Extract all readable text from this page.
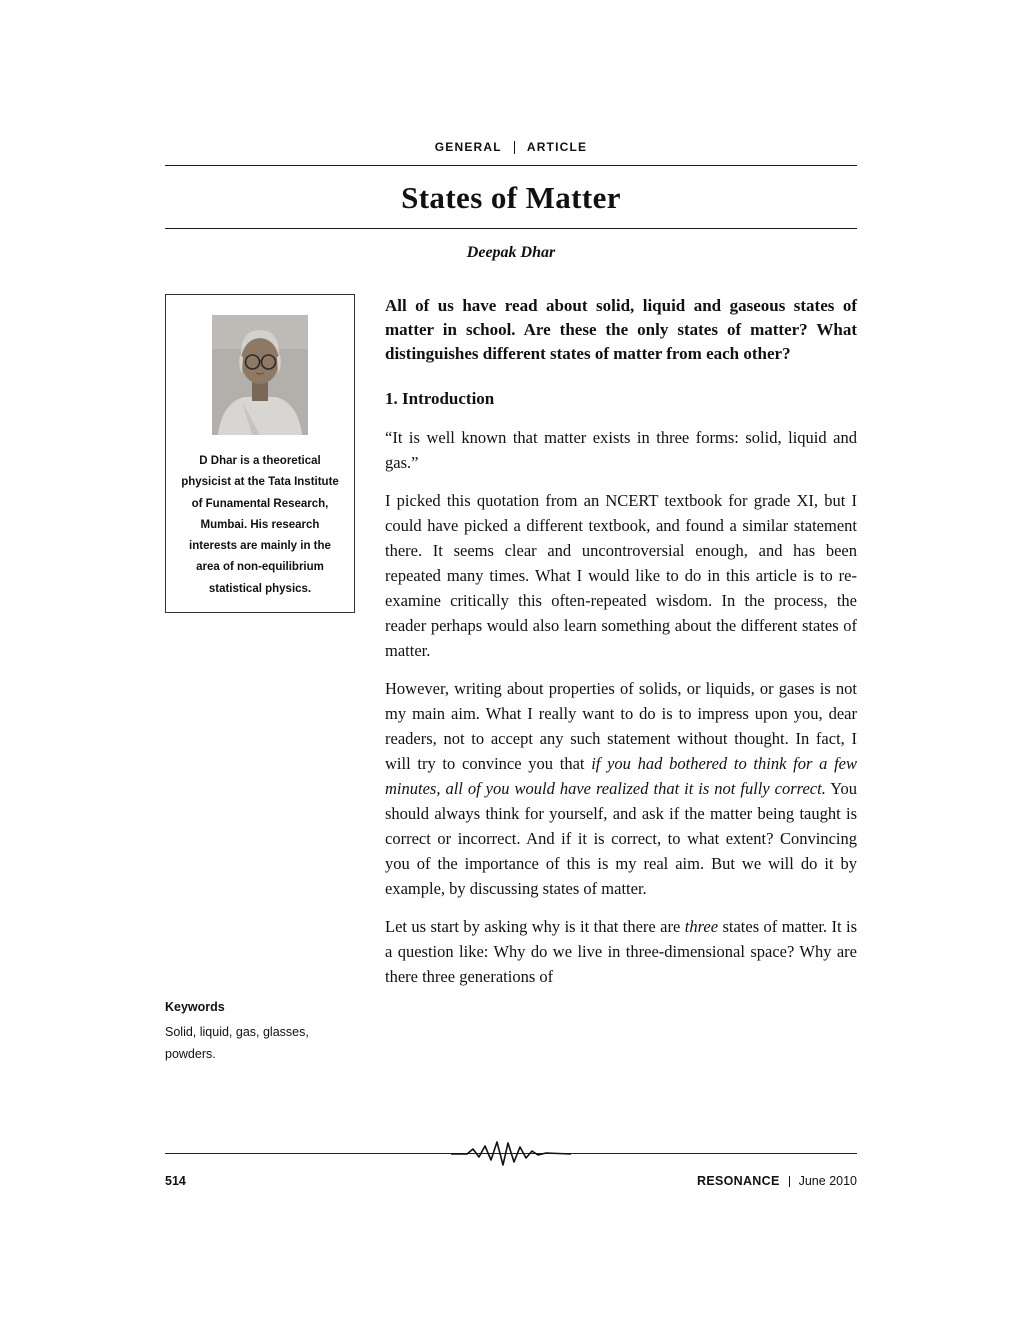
GENERAL ARTICLE
States of Matter
Deepak Dhar

D Dhar is a theoretical physicist at the Tata Institute of Funamental Research, Mumbai. His research interests are mainly in the area of non-equilibrium statistical physics.

Keywords
Solid, liquid, gas, glasses, powders.

All of us have read about solid, liquid and gaseous states of matter in school. Are these the only states of matter? What distinguishes different states of matter from each other?

1. Introduction

“It is well known that matter exists in three forms: solid, liquid and gas.”

I picked this quotation from an NCERT textbook for grade XI, but I could have picked a different textbook, and found a similar statement there. It seems clear and uncontroversial enough, and has been repeated many times. What I would like to do in this article is to re-examine critically this often-repeated wisdom. In the process, the reader perhaps would also learn something about the different states of matter.

However, writing about properties of solids, or liquids, or gases is not my main aim. What I really want to do is to impress upon you, dear readers, not to accept any such statement without thought. In fact, I will try to convince you that if you had bothered to think for a few minutes, all of you would have realized that it is not fully correct. You should always think for yourself, and ask if the matter being taught is correct or incorrect. And if it is correct, to what extent? Convincing you of the importance of this is my real aim. But we will do it by example, by discussing states of matter.

Let us start by asking why is it that there are three states of matter. It is a question like: Why do we live in three-dimensional space? Why are there three generations of

514	RESONANCE June 2010
